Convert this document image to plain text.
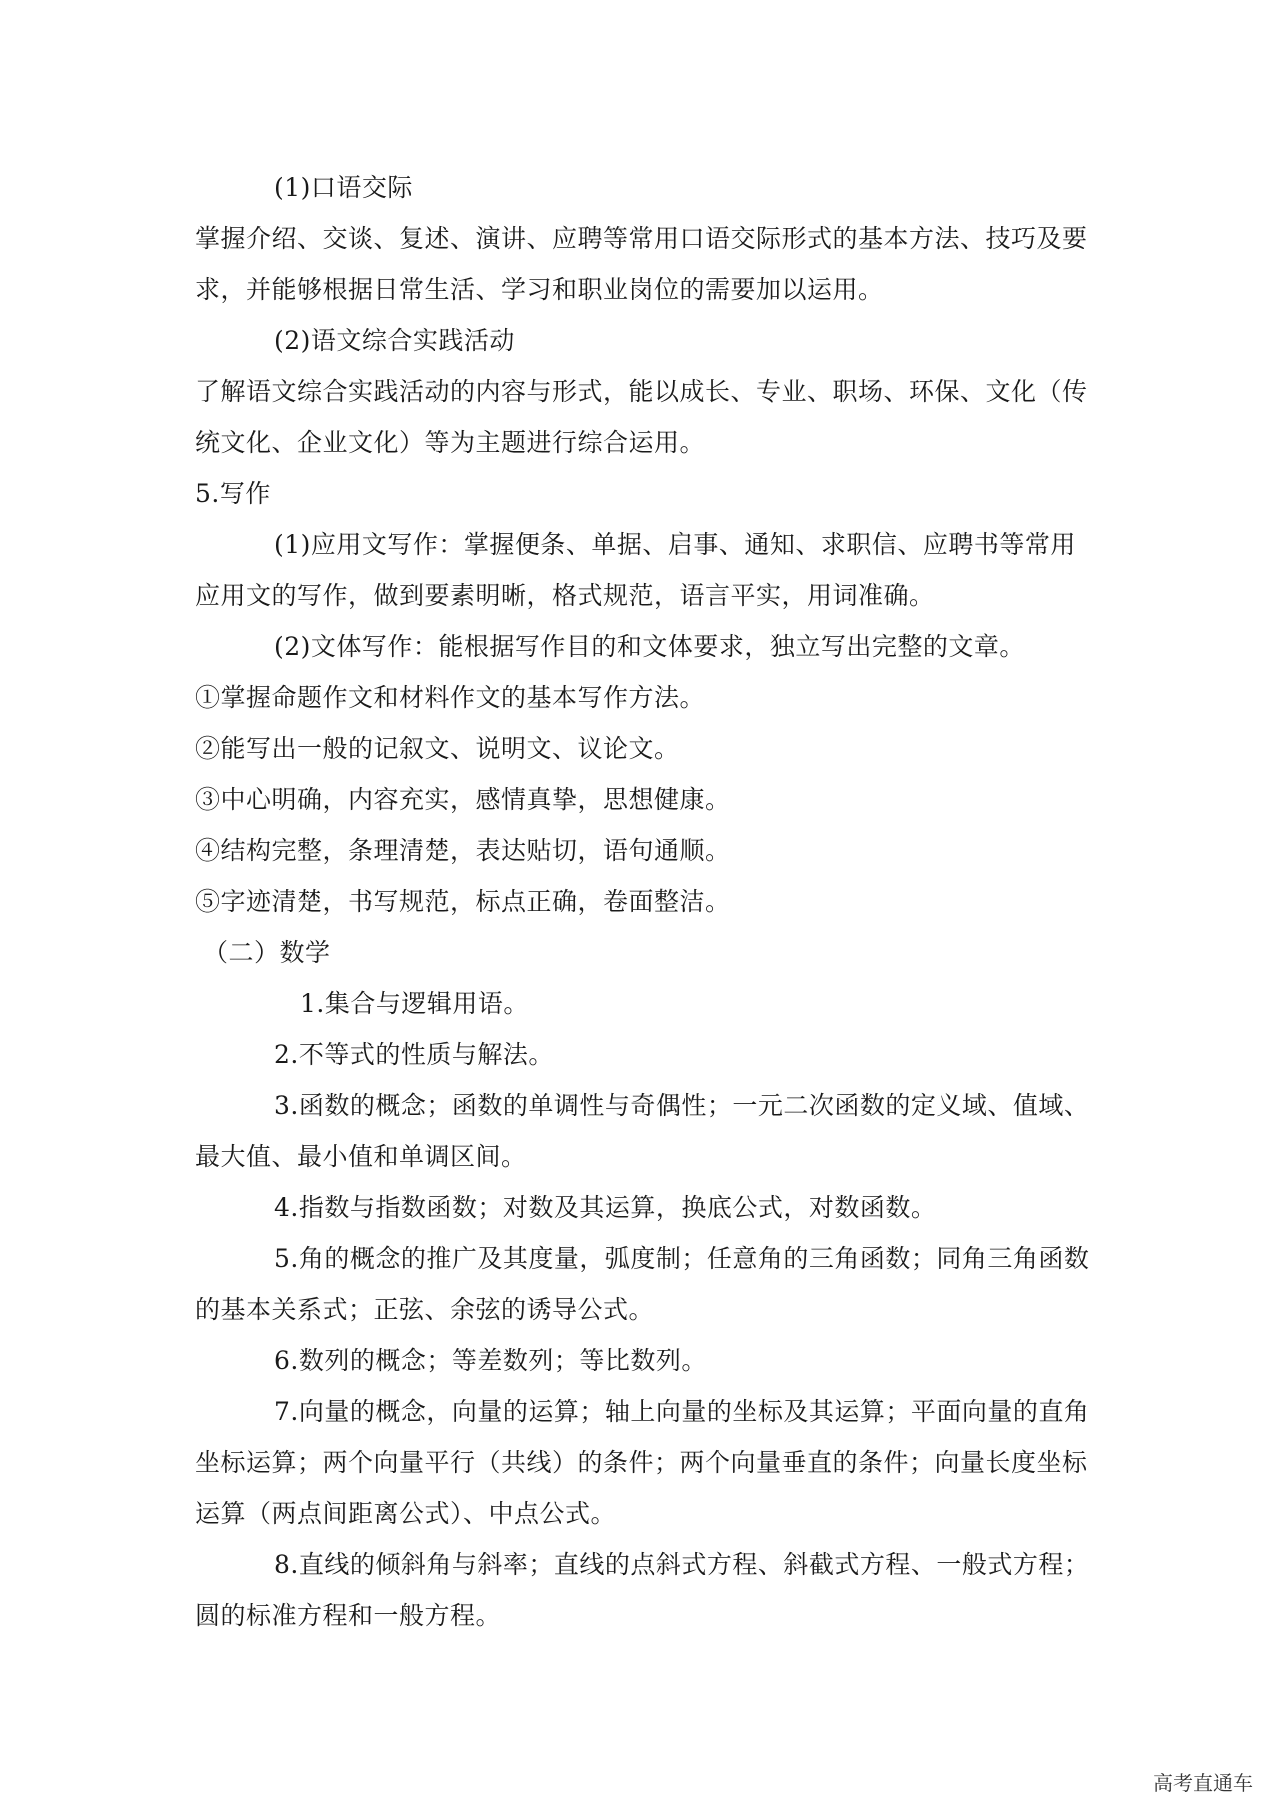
(1)口语交际

掌握介绍、交谈、复述、演讲、应聘等常用口语交际形式的基本方法、技巧及要求，并能够根据日常生活、学习和职业岗位的需要加以运用。

(2)语文综合实践活动

了解语文综合实践活动的内容与形式，能以成长、专业、职场、环保、文化（传统文化、企业文化）等为主题进行综合运用。

5.写作

(1)应用文写作：掌握便条、单据、启事、通知、求职信、应聘书等常用应用文的写作，做到要素明晰，格式规范，语言平实，用词准确。

(2)文体写作：能根据写作目的和文体要求，独立写出完整的文章。

①掌握命题作文和材料作文的基本写作方法。

②能写出一般的记叙文、说明文、议论文。

③中心明确，内容充实，感情真挚，思想健康。

④结构完整，条理清楚，表达贴切，语句通顺。

⑤字迹清楚，书写规范，标点正确，卷面整洁。

（二）数学

1.集合与逻辑用语。

2.不等式的性质与解法。

3.函数的概念；函数的单调性与奇偶性；一元二次函数的定义域、值域、最大值、最小值和单调区间。

4.指数与指数函数；对数及其运算，换底公式，对数函数。

5.角的概念的推广及其度量，弧度制；任意角的三角函数；同角三角函数的基本关系式；正弦、余弦的诱导公式。

6.数列的概念；等差数列；等比数列。

7.向量的概念，向量的运算；轴上向量的坐标及其运算；平面向量的直角坐标运算；两个向量平行（共线）的条件；两个向量垂直的条件；向量长度坐标运算（两点间距离公式）、中点公式。

8.直线的倾斜角与斜率；直线的点斜式方程、斜截式方程、一般式方程；圆的标准方程和一般方程。

高考直通车
